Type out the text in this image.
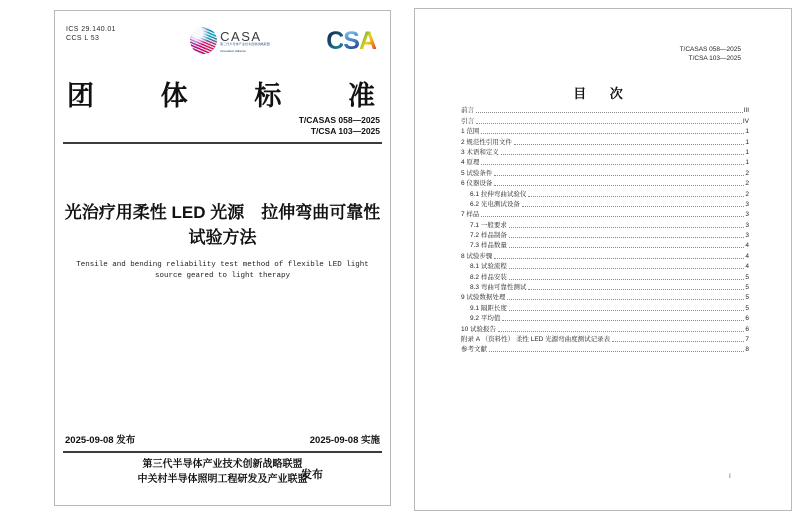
ICS 29.140.01
CCS L 53	CASA
第三代半导体产业技术创新战略联盟
Innovation Alliance	C S A
团 体 标 准
T/CASAS 058—2025
T/CSA 103—2025
光治疗用柔性 LED 光源　拉伸弯曲可靠性
试验方法
Tensile and bending reliability test method of flexible LED light
source geared to light therapy
2025-09-08 发布	2025-09-08 实施
第三代半导体产业技术创新战略联盟
中关村半导体照明工程研发及产业联盟
发布
T/CASAS 058—2025
T/CSA 103—2025
目 次
前言	III
引言	IV
1 范围	1
2 规范性引用文件	1
3 术语和定义	1
4 原理	1
5 试验条件	2
6 仪器设备	2
6.1 拉伸弯曲试验仪	2
6.2 光电测试设备	3
7 样品	3
7.1 一般要求	3
7.2 样品制备	3
7.3 样品数量	4
8 试验步骤	4
8.1 试验流程	4
8.2 样品安装	5
8.3 弯曲可靠性测试	5
9 试验数据处理	5
9.1 隔距长度	5
9.2 平均值	6
10 试验报告	6
附录 A （资料性） 柔性 LED 光源弯曲度测试记录表	7
参考文献	8
I
